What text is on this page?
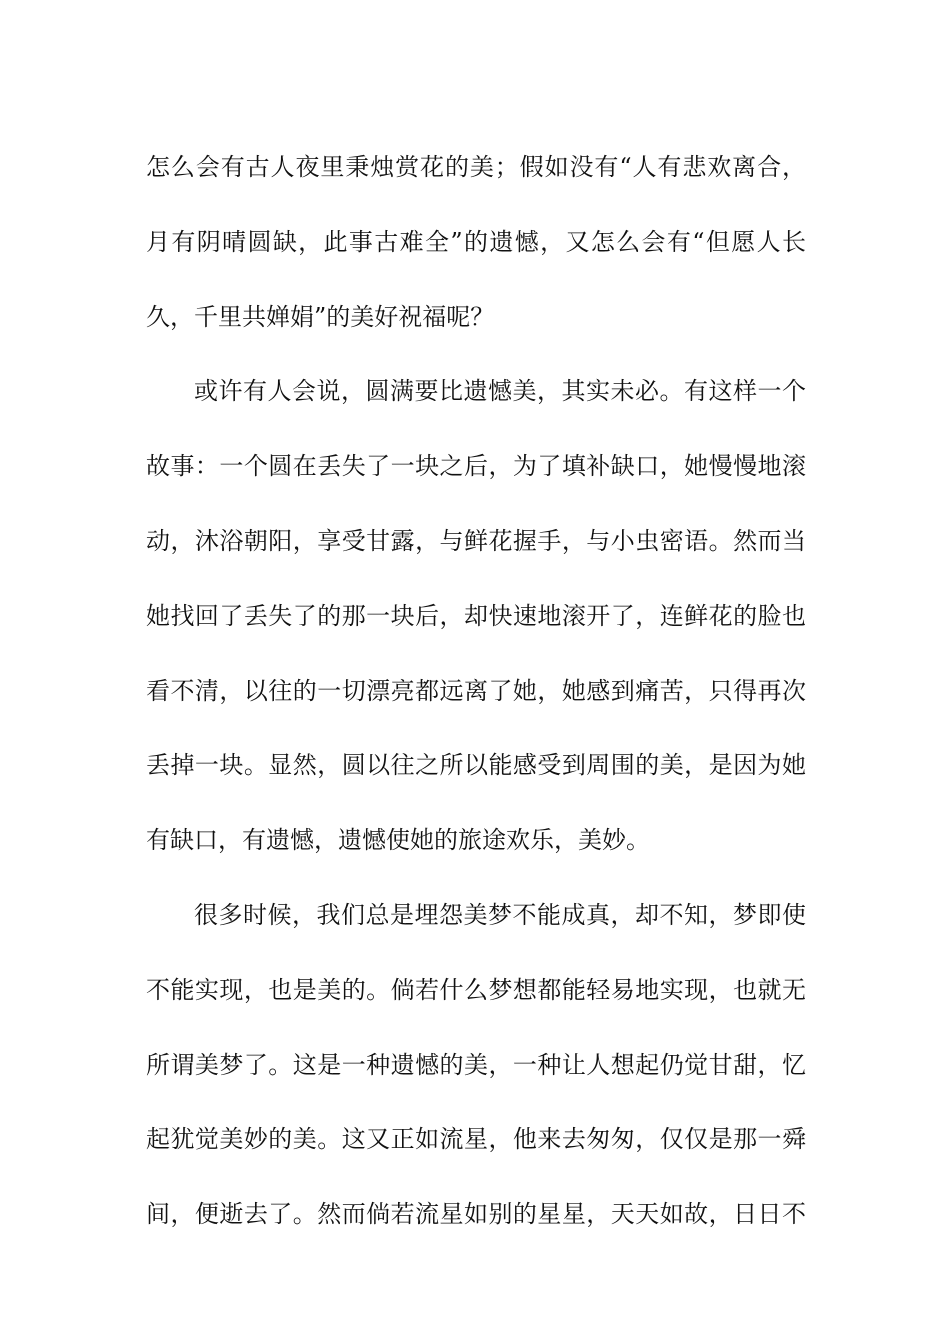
怎么会有古人夜里秉烛赏花的美；假如没有“人有悲欢离合，
月有阴晴圆缺，此事古难全”的遗憾，又怎么会有“但愿人长
久，千里共婵娟”的美好祝福呢？
或许有人会说，圆满要比遗憾美，其实未必。有这样一个
故事：一个圆在丢失了一块之后，为了填补缺口，她慢慢地滚
动，沐浴朝阳，享受甘露，与鲜花握手，与小虫密语。然而当
她找回了丢失了的那一块后，却快速地滚开了，连鲜花的脸也
看不清，以往的一切漂亮都远离了她，她感到痛苦，只得再次
丢掉一块。显然，圆以往之所以能感受到周围的美，是因为她
有缺口，有遗憾，遗憾使她的旅途欢乐，美妙。
很多时候，我们总是埋怨美梦不能成真，却不知，梦即使
不能实现，也是美的。倘若什么梦想都能轻易地实现，也就无
所谓美梦了。这是一种遗憾的美，一种让人想起仍觉甘甜，忆
起犹觉美妙的美。这又正如流星，他来去匆匆，仅仅是那一舜
间，便逝去了。然而倘若流星如别的星星，天天如故，日日不
